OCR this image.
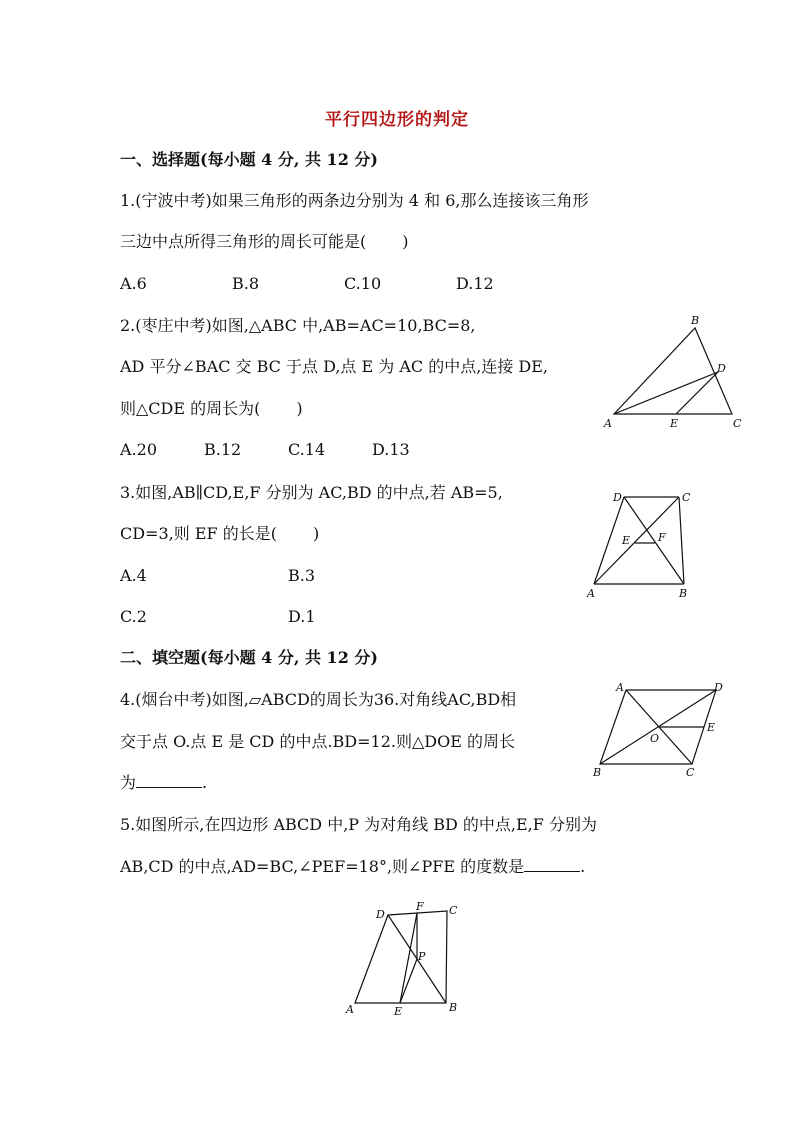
平行四边形的判定
一、选择题(每小题 4 分, 共 12 分)
1.(宁波中考)如果三角形的两条边分别为 4 和 6,那么连接该三角形
三边中点所得三角形的周长可能是( )
A.6	B.8	C.10	D.12
2.(枣庄中考)如图,△ABC 中,AB=AC=10,BC=8,
AD 平分∠BAC 交 BC 于点 D,点 E 为 AC 的中点,连接 DE,
则△CDE 的周长为( )
A.20	B.12	C.14	D.13
B
D
A	E	C
3.如图,AB∥CD,E,F 分别为 AC,BD 的中点,若 AB=5,
CD=3,则 EF 的长是( )
A.4	B.3
C.2	D.1
D	C
E	F
A	B
二、填空题(每小题 4 分, 共 12 分)
4.(烟台中考)如图,▱ABCD的周长为36.对角线AC,BD相
交于点 O.点 E 是 CD 的中点.BD=12.则△DOE 的周长
为	.
A	D
E
O
B	C
5.如图所示,在四边形 ABCD 中,P 为对角线 BD 的中点,E,F 分别为
AB,CD 的中点,AD=BC,∠PEF=18°,则∠PFE 的度数是	.
D
F C
P
A	E	B
